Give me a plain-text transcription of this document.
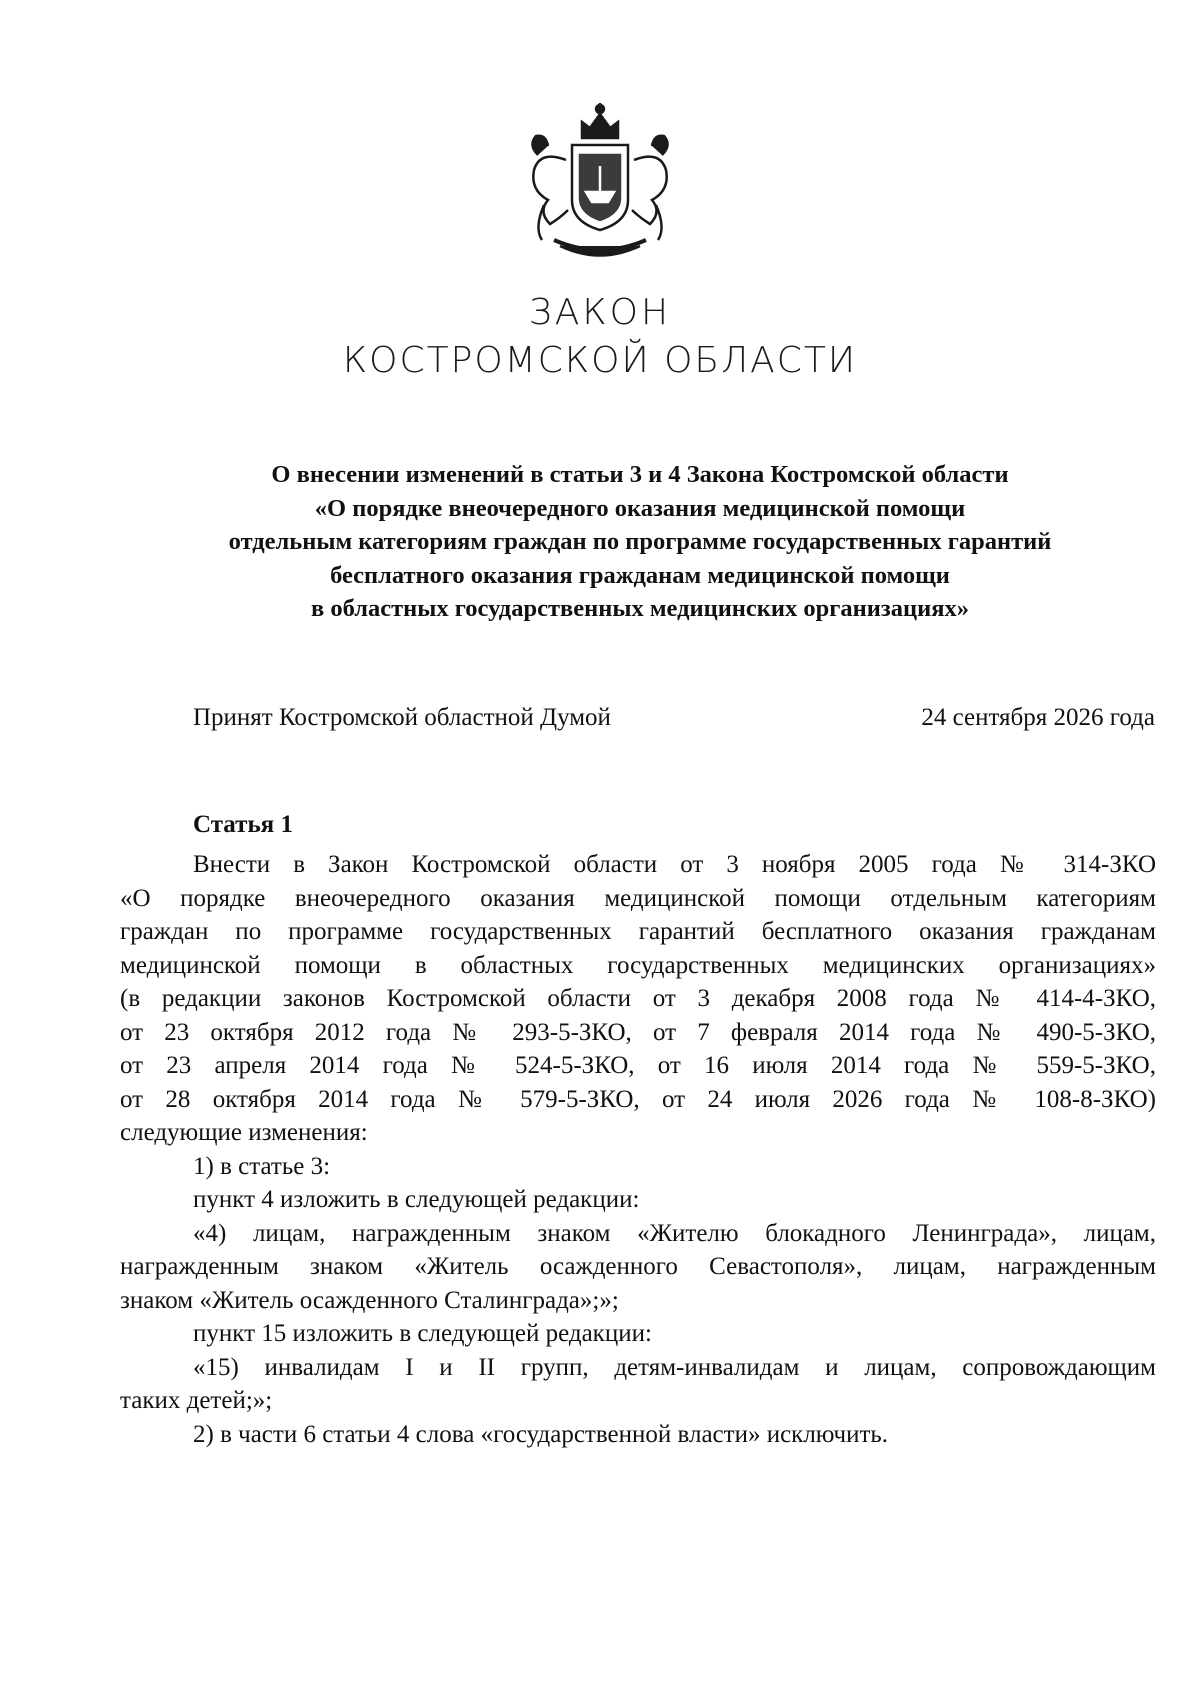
ЗАКОН
КОСТРОМСКОЙ ОБЛАСТИ
О внесении изменений в статьи 3 и 4 Закона Костромской области
«О порядке внеочередного оказания медицинской помощи
отдельным категориям граждан по программе государственных гарантий
бесплатного оказания гражданам медицинской помощи
в областных государственных медицинских организациях»
Принят Костромской областной Думой	24 сентября 2026 года
Статья 1
Внести в Закон Костромской области от 3 ноября 2005 года № 314-ЗКО
«О порядке внеочередного оказания медицинской помощи отдельным категориям
граждан по программе государственных гарантий бесплатного оказания гражданам
медицинской помощи в областных государственных медицинских организациях»
(в редакции законов Костромской области от 3 декабря 2008 года № 414-4-ЗКО,
от 23 октября 2012 года № 293-5-ЗКО, от 7 февраля 2014 года № 490-5-ЗКО,
от 23 апреля 2014 года № 524-5-ЗКО, от 16 июля 2014 года № 559-5-ЗКО,
от 28 октября 2014 года № 579-5-ЗКО, от 24 июля 2026 года № 108-8-ЗКО)
следующие изменения:
1) в статье 3:
пункт 4 изложить в следующей редакции:
«4) лицам, награжденным знаком «Жителю блокадного Ленинграда», лицам,
награжденным знаком «Житель осажденного Севастополя», лицам, награжденным
знаком «Житель осажденного Сталинграда»;»;
пункт 15 изложить в следующей редакции:
«15) инвалидам I и II групп, детям-инвалидам и лицам, сопровождающим
таких детей;»;
2) в части 6 статьи 4 слова «государственной власти» исключить.
